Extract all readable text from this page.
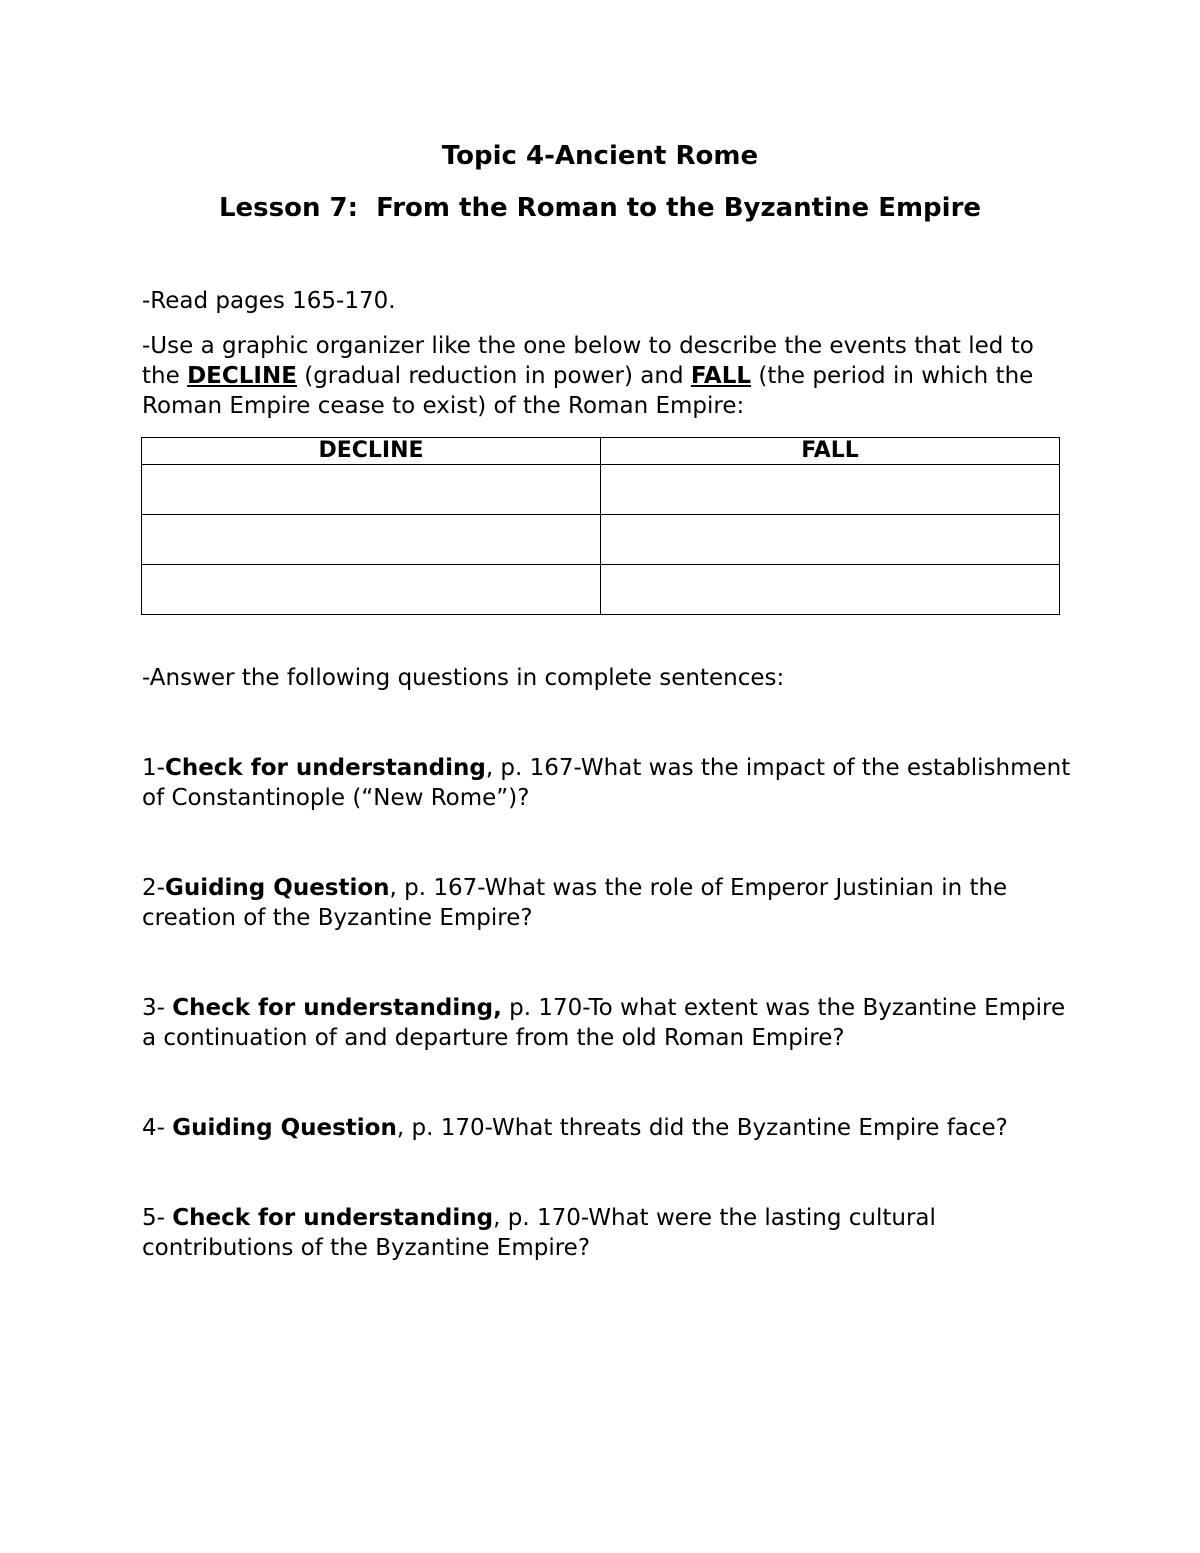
Topic 4-Ancient Rome
Lesson 7:  From the Roman to the Byzantine Empire

-Read pages 165-170.

-Use a graphic organizer like the one below to describe the events that led to the DECLINE (gradual reduction in power) and FALL (the period in which the Roman Empire cease to exist) of the Roman Empire:

DECLINE	FALL

-Answer the following questions in complete sentences:

1-Check for understanding, p. 167-What was the impact of the establishment of Constantinople (“New Rome”)?

2-Guiding Question, p. 167-What was the role of Emperor Justinian in the creation of the Byzantine Empire?

3- Check for understanding, p. 170-To what extent was the Byzantine Empire a continuation of and departure from the old Roman Empire?

4- Guiding Question, p. 170-What threats did the Byzantine Empire face?

5- Check for understanding, p. 170-What were the lasting cultural contributions of the Byzantine Empire?
